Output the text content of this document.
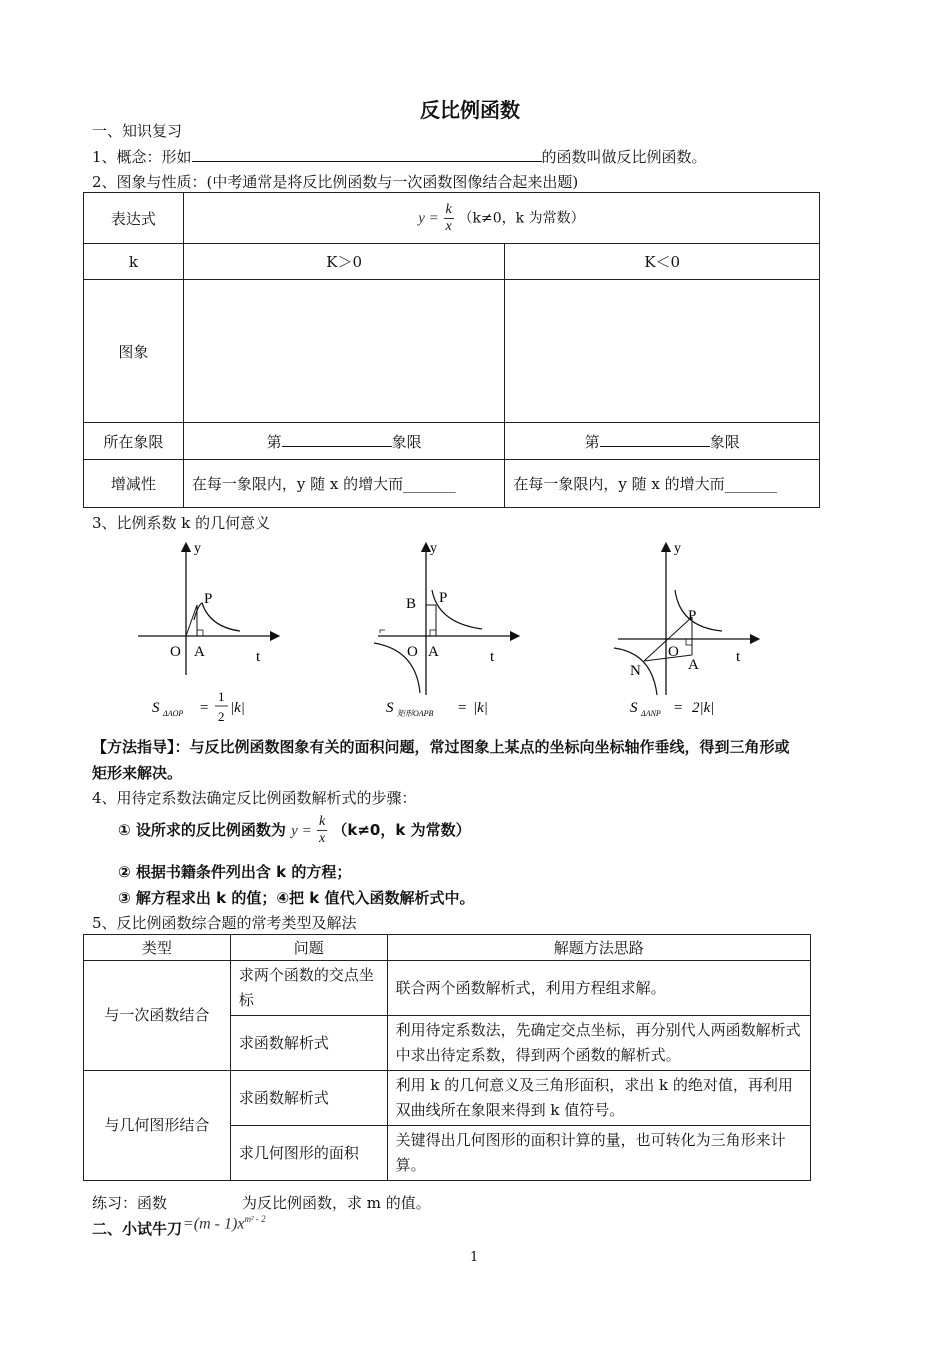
反比例函数
一、知识复习
1、概念：形如	的函数叫做反比例函数。
2、图象与性质：(中考通常是将反比例函数与一次函数图像结合起来出题)
表达式	$y = \frac{k}{x} (k\ne 0$，k 为常数）	
k	K＞0	K＜0
图象		
所在象限	第 象限	第 象限
增减性	在每一象限内，y 随 x 的增大而_______	在每一象限内，y 随 x 的增大而_______
3、比例系数 k 的几何意义
y
t
O A
P
S ΔAOP =
1
2
|k|
y
t
O A
P
B
S 矩形OAPB = |k|
y
t
O
A
P
N
S ΔANP = 2|k|
【方法指导】：与反比例函数图象有关的面积问题，常过图象上某点的坐标向坐标轴作垂线，得到三角形或
矩形来解决。
4、用待定系数法确定反比例函数解析式的步骤：
① 设所求的反比例函数为 $y = \frac{k}{x} (k\ne 0$，k 为常数）
② 根据书籍条件列出含 k 的方程；
③ 解方程求出 k 的值；④把 k 值代入函数解析式中。
5、反比例函数综合题的常考类型及解法
类型	问题	解题方法思路
与一次函数结合	求两个函数的交点坐标	联合两个函数解析式，利用方程组求解。
	求函数解析式	利用待定系数法，先确定交点坐标，再分别代人两函数解析式中求出待定系数，得到两个函数的解析式。
与几何图形结合	求函数解析式	利用 k 的几何意义及三角形面积，求出 k 的绝对值，再利用双曲线所在象限来得到 k 值符号。
	求几何图形的面积	关键得出几何图形的面积计算的量，也可转化为三角形来计算。
练习：函数	为反比例函数，求 m 的值。
二、小试牛刀 $=(m - 1)x^{m^2 - 2}$
1
